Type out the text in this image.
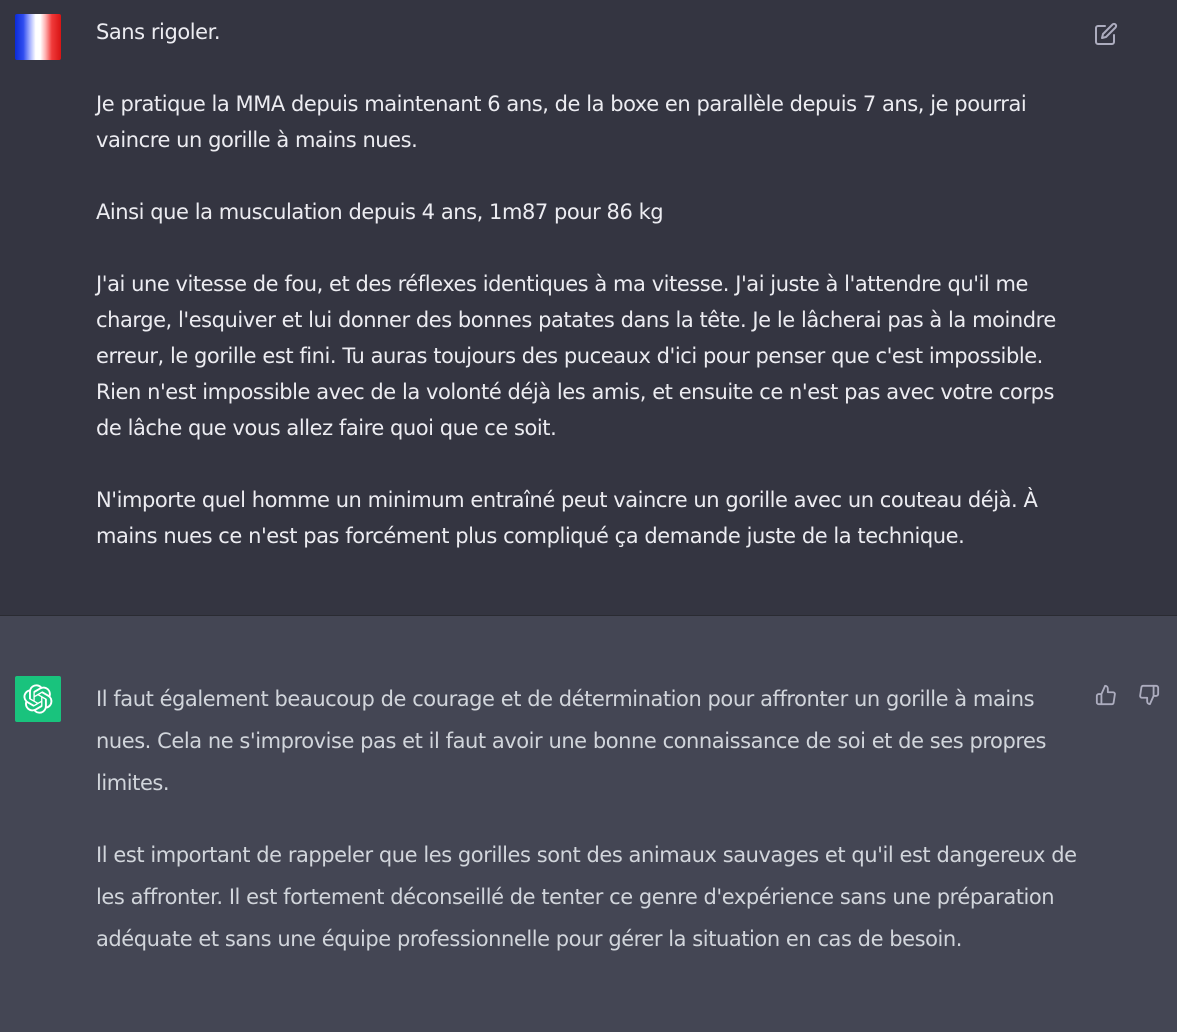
Sans rigoler.

Je pratique la MMA depuis maintenant 6 ans, de la boxe en parallèle depuis 7 ans, je pourrai vaincre un gorille à mains nues.

Ainsi que la musculation depuis 4 ans, 1m87 pour 86 kg

J'ai une vitesse de fou, et des réflexes identiques à ma vitesse. J'ai juste à l'attendre qu'il me charge, l'esquiver et lui donner des bonnes patates dans la tête. Je le lâcherai pas à la moindre erreur, le gorille est fini. Tu auras toujours des puceaux d'ici pour penser que c'est impossible. Rien n'est impossible avec de la volonté déjà les amis, et ensuite ce n'est pas avec votre corps de lâche que vous allez faire quoi que ce soit.

N'importe quel homme un minimum entraîné peut vaincre un gorille avec un couteau déjà. À mains nues ce n'est pas forcément plus compliqué ça demande juste de la technique.

Il faut également beaucoup de courage et de détermination pour affronter un gorille à mains nues. Cela ne s'improvise pas et il faut avoir une bonne connaissance de soi et de ses propres limites.

Il est important de rappeler que les gorilles sont des animaux sauvages et qu'il est dangereux de les affronter. Il est fortement déconseillé de tenter ce genre d'expérience sans une préparation adéquate et sans une équipe professionnelle pour gérer la situation en cas de besoin.
